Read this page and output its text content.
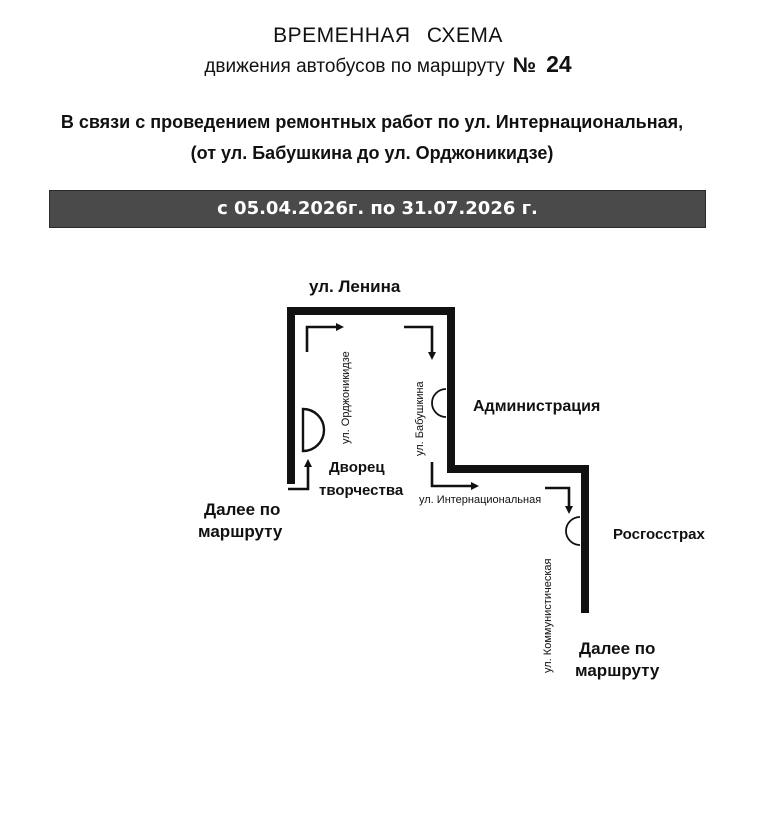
ВРЕМЕННАЯ СХЕМА
движения автобусов по маршруту № 24
В связи с проведением ремонтных работ по ул. Интернациональная,
(от ул. Бабушкина до ул. Орджоникидзе)
с 05.04.2026г. по 31.07.2026 г.
ул. Ленина
ул. Орджоникидзе	ул. Бабушкина
ул. Интернациональная
ул. Коммунистическая
Администрация
Дворец
творчества
Росгосстрах
Далее по
маршруту
Далее по
маршруту
